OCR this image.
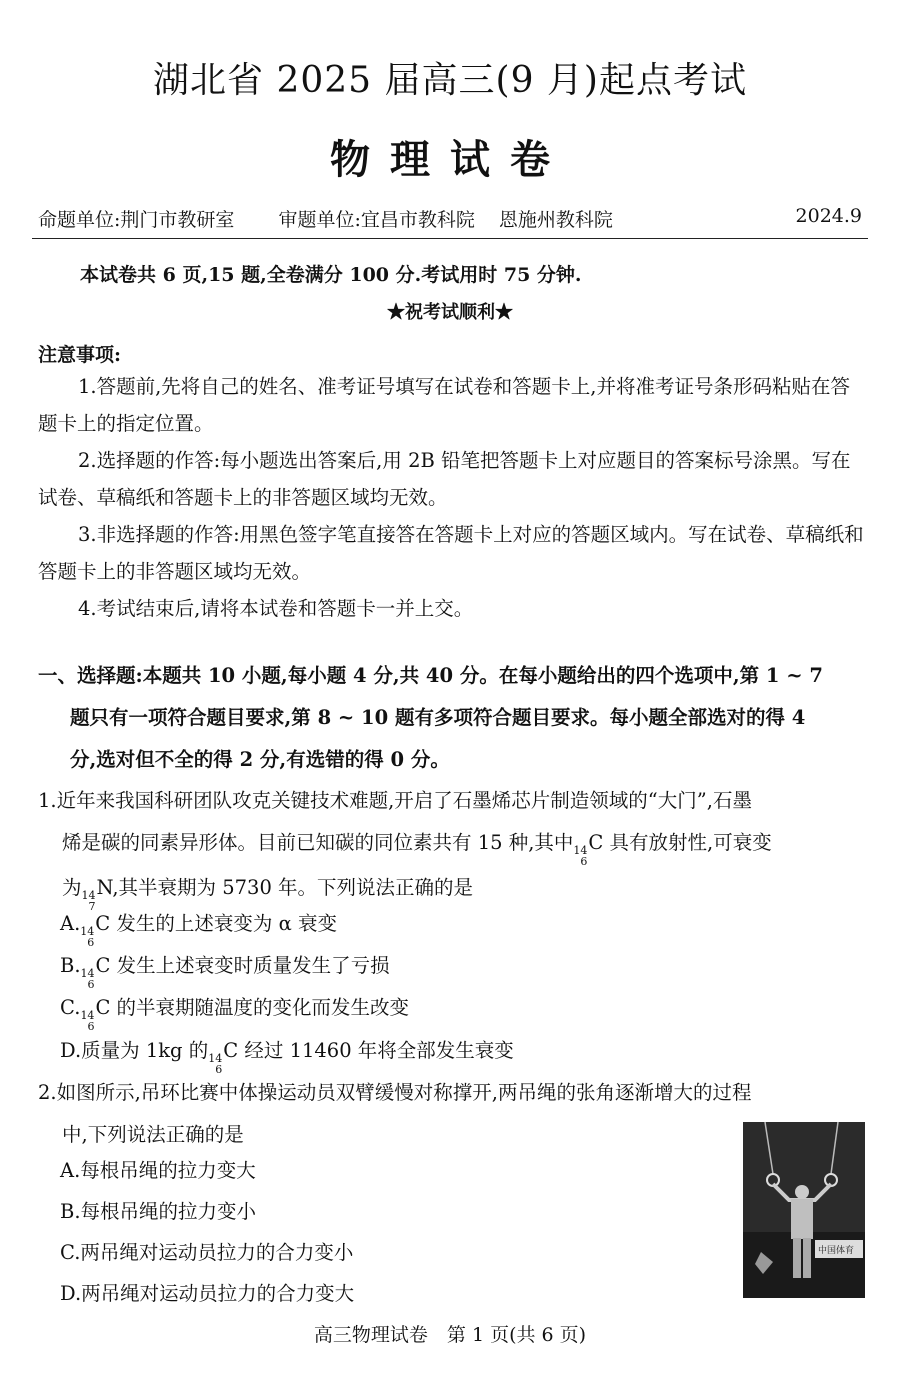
湖北省 2025 届高三(9 月)起点考试
物理试卷
命题单位:荆门市教研室 审题单位:宜昌市教科院 恩施州教科院	2024.9
本试卷共 6 页,15 题,全卷满分 100 分.考试用时 75 分钟.
★祝考试顺利★
注意事项:

1.答题前,先将自己的姓名、准考证号填写在试卷和答题卡上,并将准考证号条形码粘贴在答题卡上的指定位置。

2.选择题的作答:每小题选出答案后,用 2B 铅笔把答题卡上对应题目的答案标号涂黑。写在试卷、草稿纸和答题卡上的非答题区域均无效。

3.非选择题的作答:用黑色签字笔直接答在答题卡上对应的答题区域内。写在试卷、草稿纸和答题卡上的非答题区域均无效。

4.考试结束后,请将本试卷和答题卡一并上交。

一、选择题:本题共 10 小题,每小题 4 分,共 40 分。在每小题给出的四个选项中,第 1 ~ 7
题只有一项符合题目要求,第 8 ~ 10 题有多项符合题目要求。每小题全部选对的得 4
分,选对但不全的得 2 分,有选错的得 0 分。
1.近年来我国科研团队攻克关键技术难题,开启了石墨烯芯片制造领域的“大门”,石墨
烯是碳的同素异形体。目前已知碳的同位素共有 15 种,其中 14
6
C 具有放射性,可衰变
为 14
7
N,其半衰期为 5730 年。下列说法正确的是
A. 14
6
C 发生的上述衰变为 α 衰变
B. 14
6
C 发生上述衰变时质量发生了亏损
C. 14
6
C 的半衰期随温度的变化而发生改变
D.质量为 1kg 的 14
6
C 经过 11460 年将全部发生衰变
2.如图所示,吊环比赛中体操运动员双臂缓慢对称撑开,两吊绳的张角逐渐增大的过程
中,下列说法正确的是
A.每根吊绳的拉力变大
B.每根吊绳的拉力变小
C.两吊绳对运动员拉力的合力变小
D.两吊绳对运动员拉力的合力变大
中国体育
高三物理试卷　第 1 页(共 6 页)
